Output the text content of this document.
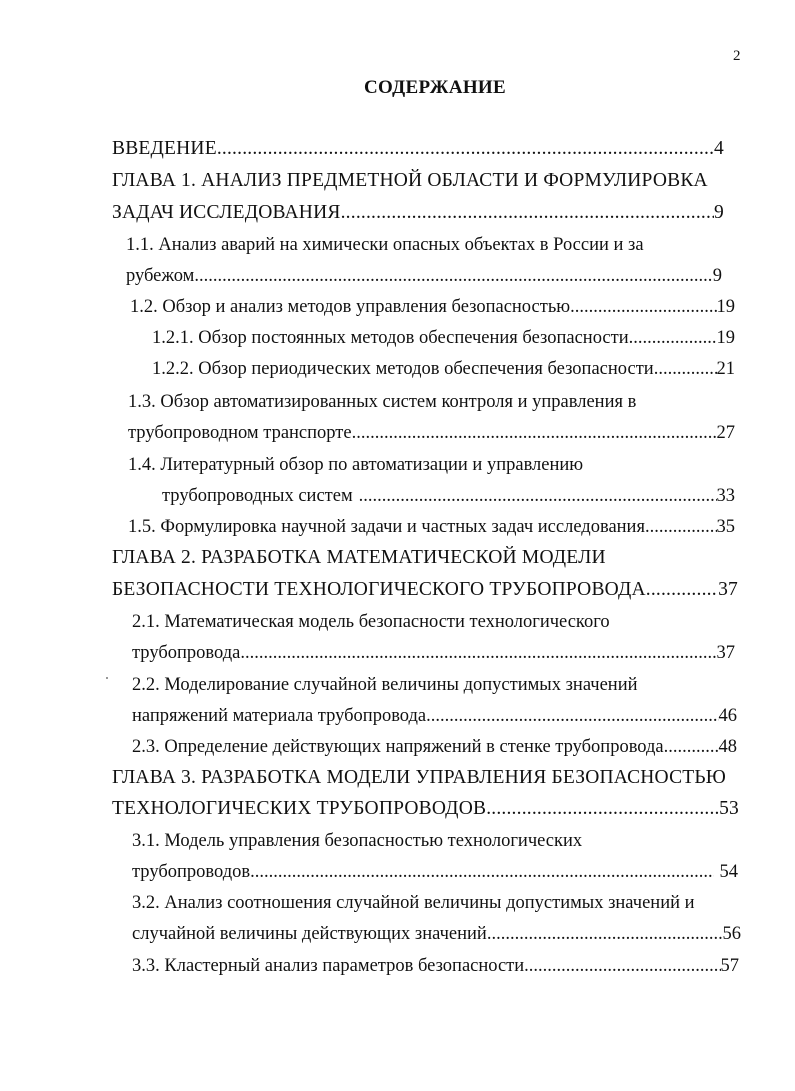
2
СОДЕРЖАНИЕ
ВВЕДЕНИЕ .....	4
ГЛАВА 1. АНАЛИЗ ПРЕДМЕТНОЙ ОБЛАСТИ И ФОРМУЛИРОВКА
ЗАДАЧ ИССЛЕДОВАНИЯ .....	9
1.1. Анализ аварий на химически опасных объектах в России и за
рубежом .....	9
1.2. Обзор и анализ методов управления безопасностью .....	19
1.2.1. Обзор постоянных методов обеспечения безопасности .....	19
1.2.2. Обзор периодических методов обеспечения безопасности .....	21
1.3. Обзор автоматизированных систем контроля и управления в
трубопроводном транспорте .....	27
1.4. Литературный обзор по автоматизации и управлению
трубопроводных систем .....	33
1.5. Формулировка научной задачи и частных задач исследования .....	35
ГЛАВА 2. РАЗРАБОТКА МАТЕМАТИЧЕСКОЙ МОДЕЛИ
БЕЗОПАСНОСТИ ТЕХНОЛОГИЧЕСКОГО ТРУБОПРОВОДА .....	37
2.1. Математическая модель безопасности технологического
трубопровода .....	37
2.2. Моделирование случайной величины допустимых значений
напряжений материала трубопровода .....	46
2.3. Определение действующих напряжений в стенке трубопровода .....	48
ГЛАВА 3. РАЗРАБОТКА МОДЕЛИ УПРАВЛЕНИЯ БЕЗОПАСНОСТЬЮ
ТЕХНОЛОГИЧЕСКИХ ТРУБОПРОВОДОВ .....	53
3.1. Модель управления безопасностью технологических
трубопроводов .....	54
3.2. Анализ соотношения случайной величины допустимых значений и
случайной величины действующих значений .....	56
3.3. Кластерный анализ параметров безопасности .....	57
